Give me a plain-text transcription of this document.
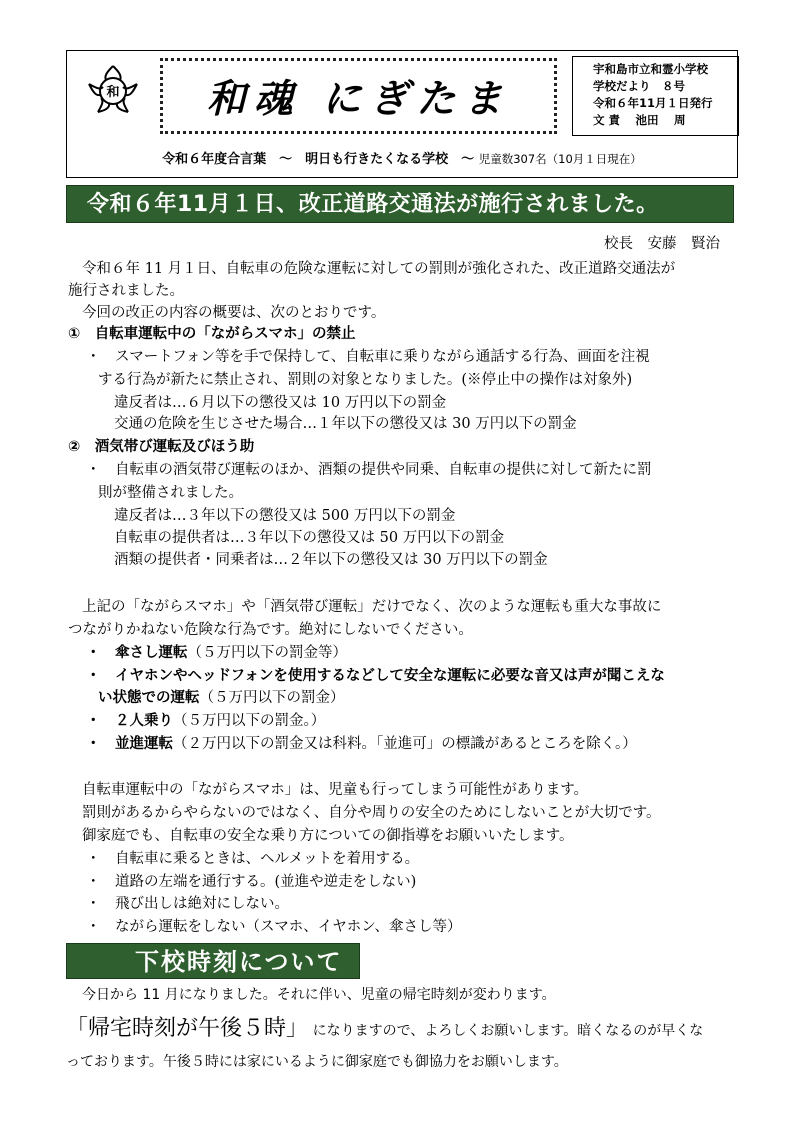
和 和魂 にぎたま
宇和島市立和霊小学校
学校だより　８号
令和６年11月１日発行
文 責　 池田　 周
令和６年度合言葉　～　明日も行きたくなる学校　～ 児童数307名（10月１日現在）
令和６年11月１日、改正道路交通法が施行されました。
校長　安藤　賢治
令和６年 11 月１日、自転車の危険な運転に対しての罰則が強化された、改正道路交通法が
施行されました。
今回の改正の内容の概要は、次のとおりです。
①　自転車運転中の「ながらスマホ」の禁止
・　スマートフォン等を手で保持して、自転車に乗りながら通話する行為、画面を注視
する行為が新たに禁止され、罰則の対象となりました。(※停止中の操作は対象外)
違反者は…６月以下の懲役又は 10 万円以下の罰金
交通の危険を生じさせた場合…１年以下の懲役又は 30 万円以下の罰金
②　酒気帯び運転及びほう助
・　自転車の酒気帯び運転のほか、酒類の提供や同乗、自転車の提供に対して新たに罰
則が整備されました。
違反者は…３年以下の懲役又は 500 万円以下の罰金
自転車の提供者は…３年以下の懲役又は 50 万円以下の罰金
酒類の提供者・同乗者は…２年以下の懲役又は 30 万円以下の罰金
上記の「ながらスマホ」や「酒気帯び運転」だけでなく、次のような運転も重大な事故に
つながりかねない危険な行為です。絶対にしないでください。
・　傘さし運転（５万円以下の罰金等）
・　イヤホンやヘッドフォンを使用するなどして安全な運転に必要な音又は声が聞こえな
い状態での運転（５万円以下の罰金）
・　２人乗り（５万円以下の罰金。）
・　並進運転（２万円以下の罰金又は科料。「並進可」の標識があるところを除く。）
自転車運転中の「ながらスマホ」は、児童も行ってしまう可能性があります。
罰則があるからやらないのではなく、自分や周りの安全のためにしないことが大切です。
御家庭でも、自転車の安全な乗り方についての御指導をお願いいたします。
・　自転車に乗るときは、ヘルメットを着用する。
・　道路の左端を通行する。(並進や逆走をしない)
・　飛び出しは絶対にしない。
・　ながら運転をしない（スマホ、イヤホン、傘さし等）
下校時刻について
今日から 11 月になりました。それに伴い、児童の帰宅時刻が変わります。
「帰宅時刻が午後５時」 になりますので、よろしくお願いします。暗くなるのが早くな
っております。午後５時には家にいるように御家庭でも御協力をお願いします。
